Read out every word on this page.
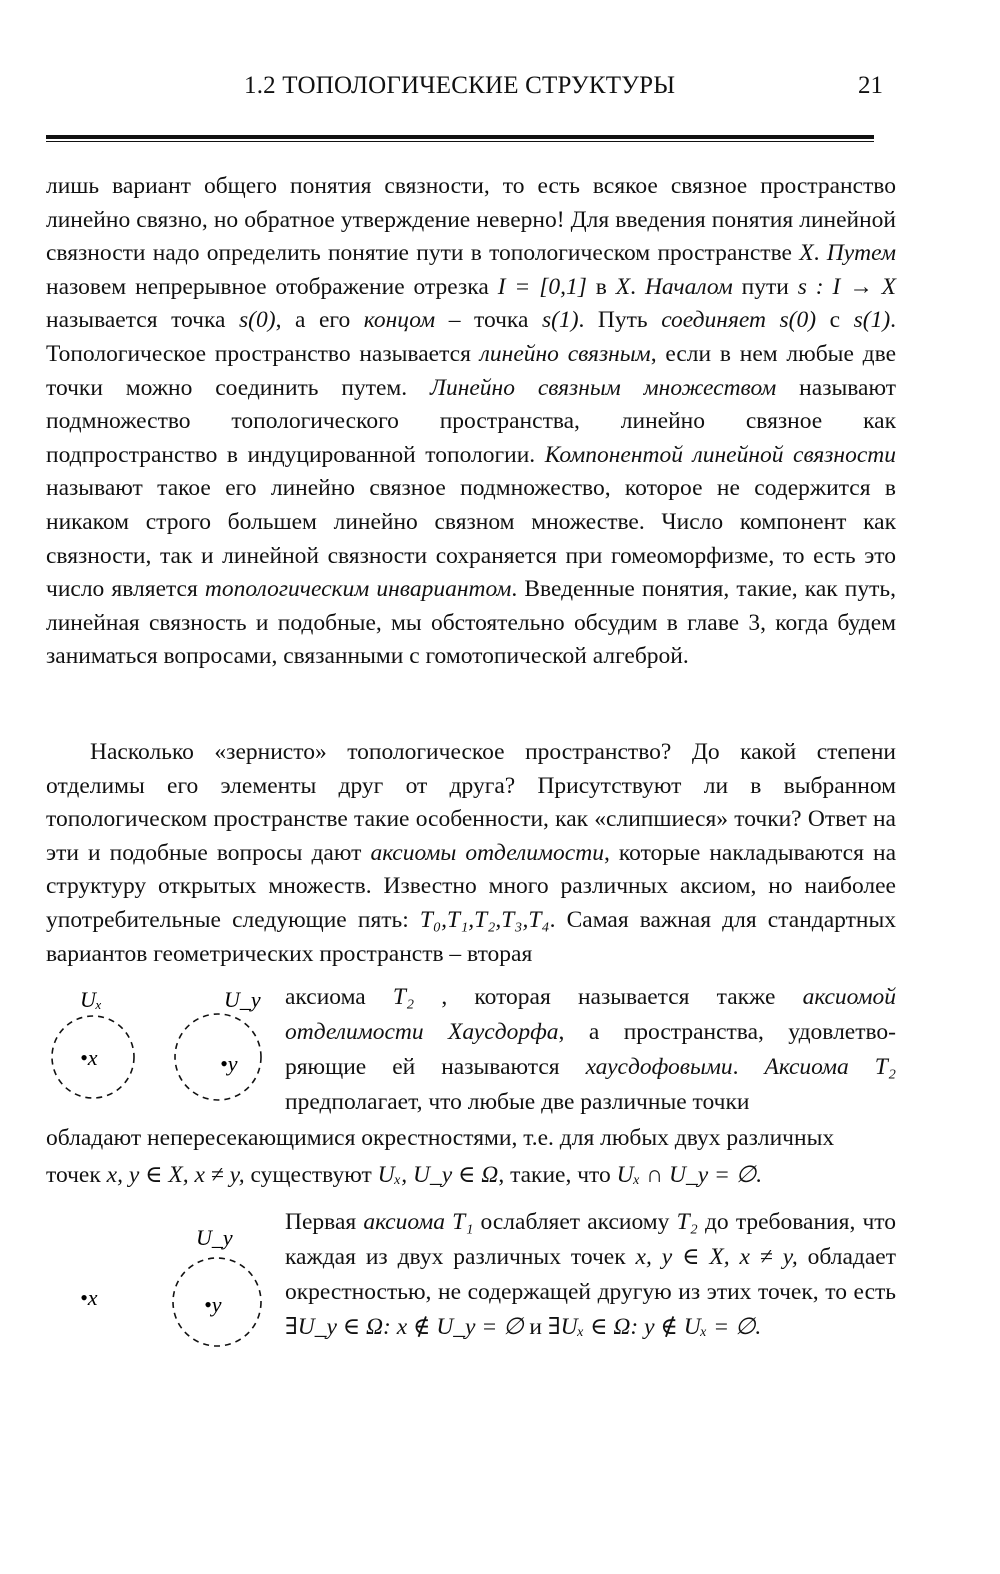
1.2 ТОПОЛОГИЧЕСКИЕ СТРУКТУРЫ	21
лишь вариант общего понятия связности, то есть всякое связное пространство линейно связно, но обратное утверждение неверно! Для введения понятия линейной связности надо определить понятие пути в топологическом пространстве X. Путем назовем непрерывное отображение отрезка I = [0,1] в X. Началом пути s : I → X называется точка s(0), а его концом – точка s(1). Путь соединяет s(0) с s(1). Топологическое пространство называется линейно связным, если в нем любые две точки можно соединить путем. Линейно связным множеством называют подмножество топологического пространства, линейно связное как подпространство в индуцированной топологии. Компонентой линейной связности называют такое его линейно связное подмножество, которое не содержится в никаком строго большем линейно связном множестве. Число компонент как связности, так и линейной связности сохраняется при гомеоморфизме, то есть это число является топологическим инвариантом. Введенные понятия, такие, как путь, линейная связность и подобные, мы обстоятельно обсудим в главе 3, когда будем заниматься вопросами, связанными с гомотопической алгеброй.
Насколько «зернисто» топологическое пространство? До какой степени отделимы его элементы друг от друга? Присутствуют ли в выбранном топологическом пространстве такие особенности, как «слипшиеся» точки? Ответ на эти и подобные вопросы дают аксиомы отделимости, которые накладываются на структуру открытых множеств. Известно много различных аксиом, но наиболее употребительные следующие пять: T₀,T₁,T₂,T₃,T₄. Самая важная для стандартных вариантов геометрических пространств – вторая
Uₓ	U_y
•x	•y
аксиома T₂ , которая называется также аксиомой отделимости Хаусдорфа, а пространства, удовлетво-ряющие ей называются хаусдофовыми. Аксиома T₂ предполагает, что любые две различные точки
обладают непересекающимися окрестностями, т.е. для любых двух различных
точек x, y ∈ X, x ≠ y, существуют Uₓ, U_y ∈ Ω, такие, что Uₓ ∩ U_y = ∅.
U_y
•x	•y
Первая аксиома T₁ ослабляет аксиому T₂ до требования, что каждая из двух различных точек x, y ∈ X, x ≠ y, обладает окрестностью, не содержащей другую из этих точек, то есть ∃U_y ∈ Ω: x ∉ U_y = ∅ и ∃Uₓ ∈ Ω: y ∉ Uₓ = ∅.
